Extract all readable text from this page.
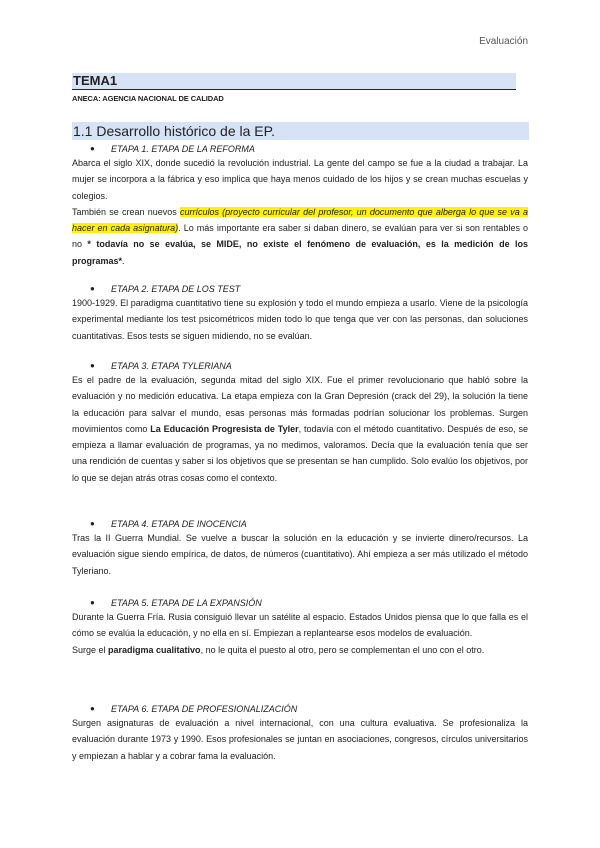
Evaluación
TEMA1
ANECA: AGENCIA NACIONAL DE CALIDAD
1.1 Desarrollo histórico de la EP.
● ETAPA 1. ETAPA DE LA REFORMA

Abarca el siglo XIX, donde sucedió la revolución industrial. La gente del campo se fue a la ciudad a trabajar. La mujer se incorpora a la fábrica y eso implica que haya menos cuidado de los hijos y se crean muchas escuelas y colegios.

También se crean nuevos currículos (proyecto curricular del profesor, un documento que alberga lo que se va a hacer en cada asignatura). Lo más importante era saber si daban dinero, se evalúan para ver si son rentables o no * todavía no se evalúa, se MIDE, no existe el fenómeno de evaluación, es la medición de los programas*.

● ETAPA 2. ETAPA DE LOS TEST

1900-1929. El paradigma cuantitativo tiene su explosión y todo el mundo empieza a usarlo. Viene de la psicología experimental mediante los test psicométricos miden todo lo que tenga que ver con las personas, dan soluciones cuantitativas. Esos tests se siguen midiendo, no se evalúan.

● ETAPA 3. ETAPA TYLERIANA

Es el padre de la evaluación, segunda mitad del siglo XIX. Fue el primer revolucionario que habló sobre la evaluación y no medición educativa. La etapa empieza con la Gran Depresión (crack del 29), la solución la tiene la educación para salvar el mundo, esas personas más formadas podrían solucionar los problemas. Surgen movimientos como La Educación Progresista de Tyler, todavía con el método cuantitativo. Después de eso, se empieza a llamar evaluación de programas, ya no medimos, valoramos. Decía que la evaluación tenía que ser una rendición de cuentas y saber si los objetivos que se presentan se han cumplido. Solo evalúo los objetivos, por lo que se dejan atrás otras cosas como el contexto.

● ETAPA 4. ETAPA DE INOCENCIA

Tras la II Guerra Mundial. Se vuelve a buscar la solución en la educación y se invierte dinero/recursos. La evaluación sigue siendo empírica, de datos, de números (cuantitativo). Ahí empieza a ser más utilizado el método Tyleriano.

● ETAPA 5. ETAPA DE LA EXPANSIÓN

Durante la Guerra Fría. Rusia consiguió llevar un satélite al espacio. Estados Unidos piensa que lo que falla es el cómo se evalúa la educación, y no ella en sí. Empiezan a replantearse esos modelos de evaluación.

Surge el paradigma cualitativo, no le quita el puesto al otro, pero se complementan el uno con el otro.

● ETAPA 6. ETAPA DE PROFESIONALIZACIÓN

Surgen asignaturas de evaluación a nivel internacional, con una cultura evaluativa. Se profesionaliza la evaluación durante 1973 y 1990. Esos profesionales se juntan en asociaciones, congresos, círculos universitarios y empiezan a hablar y a cobrar fama la evaluación.
